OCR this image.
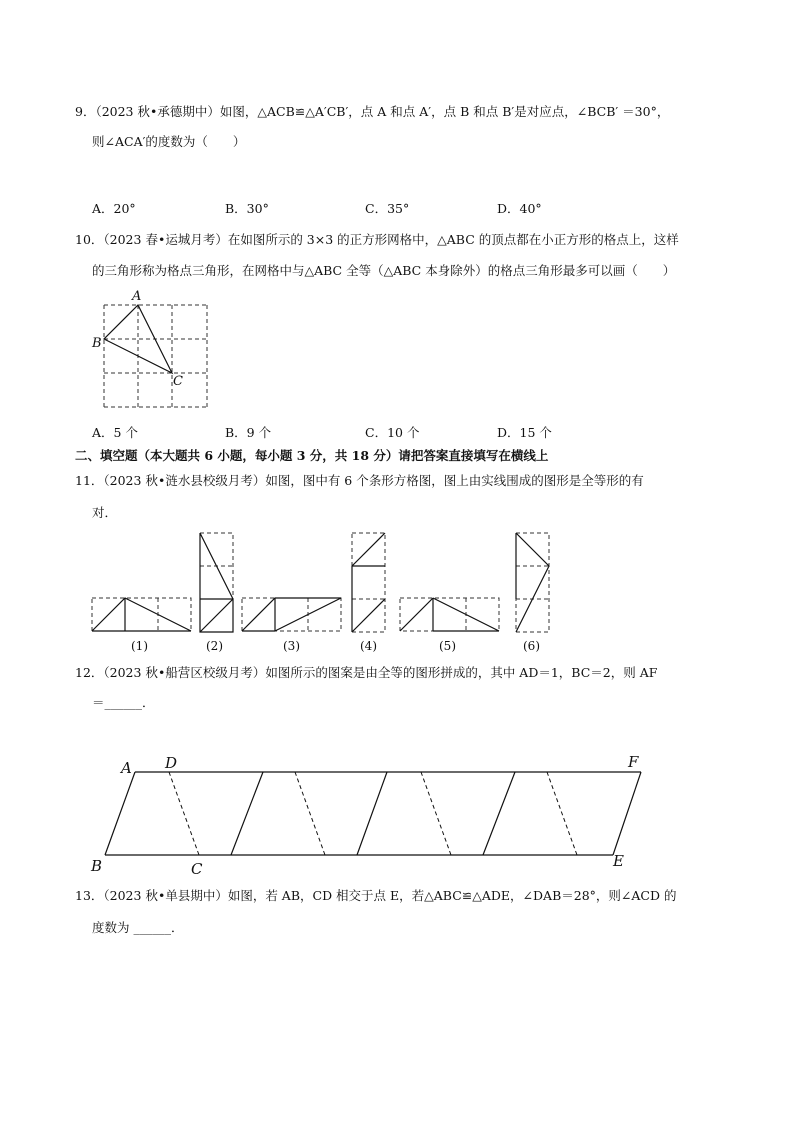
9．（2023 秋•承德期中）如图，△ACB≌△A′CB′，点 A 和点 A′，点 B 和点 B′是对应点，∠BCB′ ＝30°，
则∠ACA′的度数为（　　）
A．20°	B．30°	C．35°	D．40°
10．（2023 春•运城月考）在如图所示的 3×3 的正方形网格中，△ABC 的顶点都在小正方形的格点上，这样
的三角形称为格点三角形，在网格中与△ABC 全等（△ABC 本身除外）的格点三角形最多可以画（　　）
A
B
C
A．5 个	B．9 个	C．10 个	D．15 个
二、填空题（本大题共 6 小题，每小题 3 分，共 18 分）请把答案直接填写在横线上
11．（2023 秋•涟水县校级月考）如图，图中有 6 个条形方格图，图上由实线围成的图形是全等形的有
对．
(1)	(2)	(3)	(4)	(5)	(6)
12．（2023 秋•船营区校级月考）如图所示的图案是由全等的图形拼成的，其中 AD＝1，BC＝2，则 AF
＝______．
A D	F
B	C	E
13．（2023 秋•单县期中）如图，若 AB，CD 相交于点 E，若△ABC≌△ADE，∠DAB＝28°，则∠ACD 的
度数为 ______．
